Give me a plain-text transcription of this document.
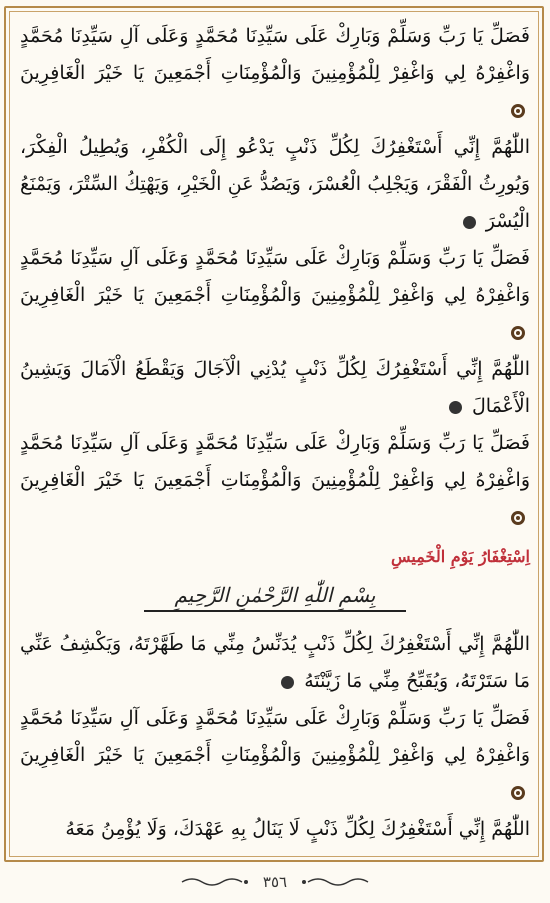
فَصَلِّ يَا رَبِّ وَسَلِّمْ وَبَارِكْ عَلَى سَيِّدِنَا مُحَمَّدٍ وَعَلَى آلِ سَيِّدِنَا مُحَمَّدٍ وَاغْفِرْهُ لِي وَاغْفِرْ لِلْمُؤْمِنِينَ وَالْمُؤْمِنَاتِ أَجْمَعِينَ يَا خَيْرَ الْغَافِرِينَ

اللّٰهُمَّ إِنِّي أَسْتَغْفِرُكَ لِكُلِّ ذَنْبٍ يَدْعُو إِلَى الْكُفْرِ، وَيُطِيلُ الْفِكْرَ، وَيُورِثُ الْفَقْرَ، وَيَجْلِبُ الْعُسْرَ، وَيَصُدُّ عَنِ الْخَيْرِ، وَيَهْتِكُ السِّتْرَ، وَيَمْنَعُ الْيُسْرَ

فَصَلِّ يَا رَبِّ وَسَلِّمْ وَبَارِكْ عَلَى سَيِّدِنَا مُحَمَّدٍ وَعَلَى آلِ سَيِّدِنَا مُحَمَّدٍ وَاغْفِرْهُ لِي وَاغْفِرْ لِلْمُؤْمِنِينَ وَالْمُؤْمِنَاتِ أَجْمَعِينَ يَا خَيْرَ الْغَافِرِينَ

اللّٰهُمَّ إِنِّي أَسْتَغْفِرُكَ لِكُلِّ ذَنْبٍ يُدْنِي الْآجَالَ وَيَقْطَعُ الْآمَالَ وَيَشِينُ الْأَعْمَالَ

فَصَلِّ يَا رَبِّ وَسَلِّمْ وَبَارِكْ عَلَى سَيِّدِنَا مُحَمَّدٍ وَعَلَى آلِ سَيِّدِنَا مُحَمَّدٍ وَاغْفِرْهُ لِي وَاغْفِرْ لِلْمُؤْمِنِينَ وَالْمُؤْمِنَاتِ أَجْمَعِينَ يَا خَيْرَ الْغَافِرِينَ

اِسْتِغْفَارُ يَوْمِ الْخَمِيسِ

بِسْمِ اللّٰهِ الرَّحْمٰنِ الرَّحِيمِ

اللّٰهُمَّ إِنِّي أَسْتَغْفِرُكَ لِكُلِّ ذَنْبٍ يُدَنِّسُ مِنِّي مَا طَهَّرْتَهُ، وَيَكْشِفُ عَنِّي مَا سَتَرْتَهُ، وَيُقَبِّحُ مِنِّي مَا زَيَّنْتَهُ

فَصَلِّ يَا رَبِّ وَسَلِّمْ وَبَارِكْ عَلَى سَيِّدِنَا مُحَمَّدٍ وَعَلَى آلِ سَيِّدِنَا مُحَمَّدٍ وَاغْفِرْهُ لِي وَاغْفِرْ لِلْمُؤْمِنِينَ وَالْمُؤْمِنَاتِ أَجْمَعِينَ يَا خَيْرَ الْغَافِرِينَ

اللّٰهُمَّ إِنِّي أَسْتَغْفِرُكَ لِكُلِّ ذَنْبٍ لَا يَنَالُ بِهِ عَهْدَكَ، وَلَا يُؤْمِنُ مَعَهُ

٣٥٦
